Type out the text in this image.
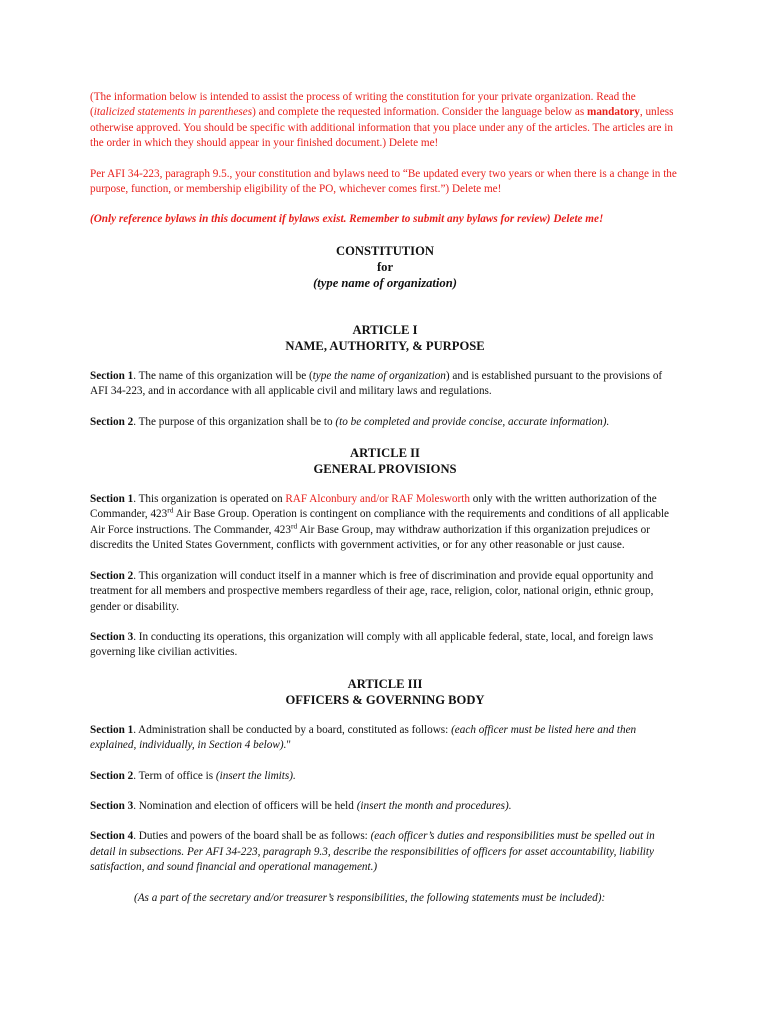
(The information below is intended to assist the process of writing the constitution for your private organization. Read the (italicized statements in parentheses) and complete the requested information. Consider the language below as mandatory, unless otherwise approved. You should be specific with additional information that you place under any of the articles. The articles are in the order in which they should appear in your finished document.) Delete me!

Per AFI 34-223, paragraph 9.5., your constitution and bylaws need to “Be updated every two years or when there is a change in the purpose, function, or membership eligibility of the PO, whichever comes first.”) Delete me!

(Only reference bylaws in this document if bylaws exist. Remember to submit any bylaws for review) Delete me!

CONSTITUTION
for
(type name of organization)
ARTICLE I
NAME, AUTHORITY, & PURPOSE

Section 1. The name of this organization will be (type the name of organization) and is established pursuant to the provisions of AFI 34-223, and in accordance with all applicable civil and military laws and regulations.

Section 2. The purpose of this organization shall be to (to be completed and provide concise, accurate information).

ARTICLE II
GENERAL PROVISIONS

Section 1. This organization is operated on RAF Alconbury and/or RAF Molesworth only with the written authorization of the Commander, 423rd Air Base Group. Operation is contingent on compliance with the requirements and conditions of all applicable Air Force instructions. The Commander, 423rd Air Base Group, may withdraw authorization if this organization prejudices or discredits the United States Government, conflicts with government activities, or for any other reasonable or just cause.

Section 2. This organization will conduct itself in a manner which is free of discrimination and provide equal opportunity and treatment for all members and prospective members regardless of their age, race, religion, color, national origin, ethnic group, gender or disability.

Section 3. In conducting its operations, this organization will comply with all applicable federal, state, local, and foreign laws governing like civilian activities.

ARTICLE III
OFFICERS & GOVERNING BODY

Section 1. Administration shall be conducted by a board, constituted as follows: (each officer must be listed here and then explained, individually, in Section 4 below)."

Section 2. Term of office is (insert the limits).

Section 3. Nomination and election of officers will be held (insert the month and procedures).

Section 4. Duties and powers of the board shall be as follows: (each officer’s duties and responsibilities must be spelled out in detail in subsections. Per AFI 34-223, paragraph 9.3, describe the responsibilities of officers for asset accountability, liability satisfaction, and sound financial and operational management.)

(As a part of the secretary and/or treasurer’s responsibilities, the following statements must be included):
